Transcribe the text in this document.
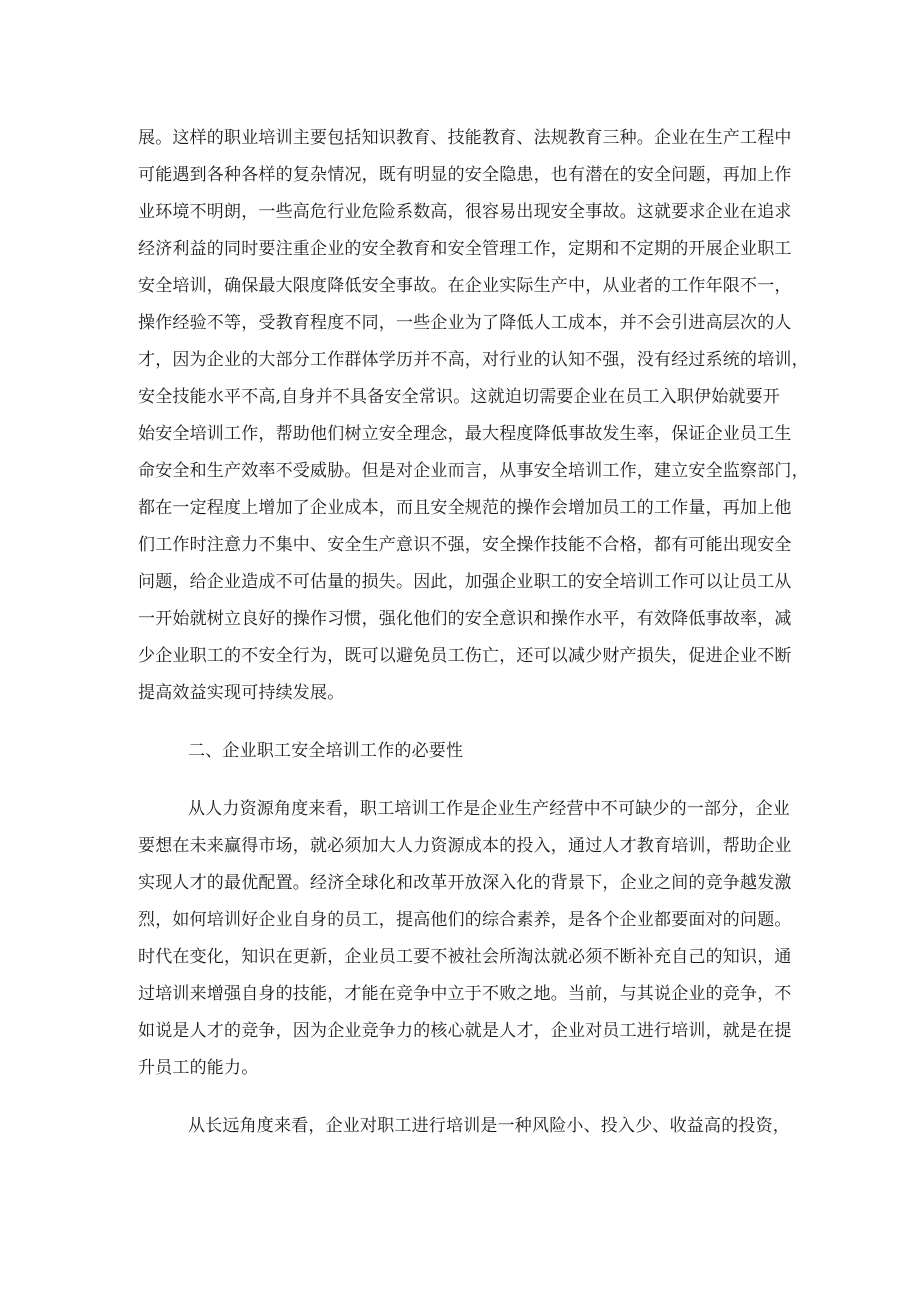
展。这样的职业培训主要包括知识教育、技能教育、法规教育三种。企业在生产工程中
可能遇到各种各样的复杂情况，既有明显的安全隐患，也有潜在的安全问题，再加上作
业环境不明朗，一些高危行业危险系数高，很容易出现安全事故。这就要求企业在追求
经济利益的同时要注重企业的安全教育和安全管理工作，定期和不定期的开展企业职工
安全培训，确保最大限度降低安全事故。在企业实际生产中，从业者的工作年限不一，
操作经验不等，受教育程度不同，一些企业为了降低人工成本，并不会引进高层次的人
才，因为企业的大部分工作群体学历并不高，对行业的认知不强，没有经过系统的培训，
安全技能水平不高,自身并不具备安全常识。这就迫切需要企业在员工入职伊始就要开
始安全培训工作，帮助他们树立安全理念，最大程度降低事故发生率，保证企业员工生
命安全和生产效率不受威胁。但是对企业而言，从事安全培训工作，建立安全监察部门，
都在一定程度上增加了企业成本，而且安全规范的操作会增加员工的工作量，再加上他
们工作时注意力不集中、安全生产意识不强，安全操作技能不合格，都有可能出现安全
问题，给企业造成不可估量的损失。因此，加强企业职工的安全培训工作可以让员工从
一开始就树立良好的操作习惯，强化他们的安全意识和操作水平，有效降低事故率，减
少企业职工的不安全行为，既可以避免员工伤亡，还可以减少财产损失，促进企业不断
提高效益实现可持续发展。
二、企业职工安全培训工作的必要性
从人力资源角度来看，职工培训工作是企业生产经营中不可缺少的一部分，企业
要想在未来赢得市场，就必须加大人力资源成本的投入，通过人才教育培训，帮助企业
实现人才的最优配置。经济全球化和改革开放深入化的背景下，企业之间的竞争越发激
烈，如何培训好企业自身的员工，提高他们的综合素养，是各个企业都要面对的问题。
时代在变化，知识在更新，企业员工要不被社会所淘汰就必须不断补充自己的知识，通
过培训来增强自身的技能，才能在竞争中立于不败之地。当前，与其说企业的竞争，不
如说是人才的竞争，因为企业竞争力的核心就是人才，企业对员工进行培训，就是在提
升员工的能力。
从长远角度来看，企业对职工进行培训是一种风险小、投入少、收益高的投资，
